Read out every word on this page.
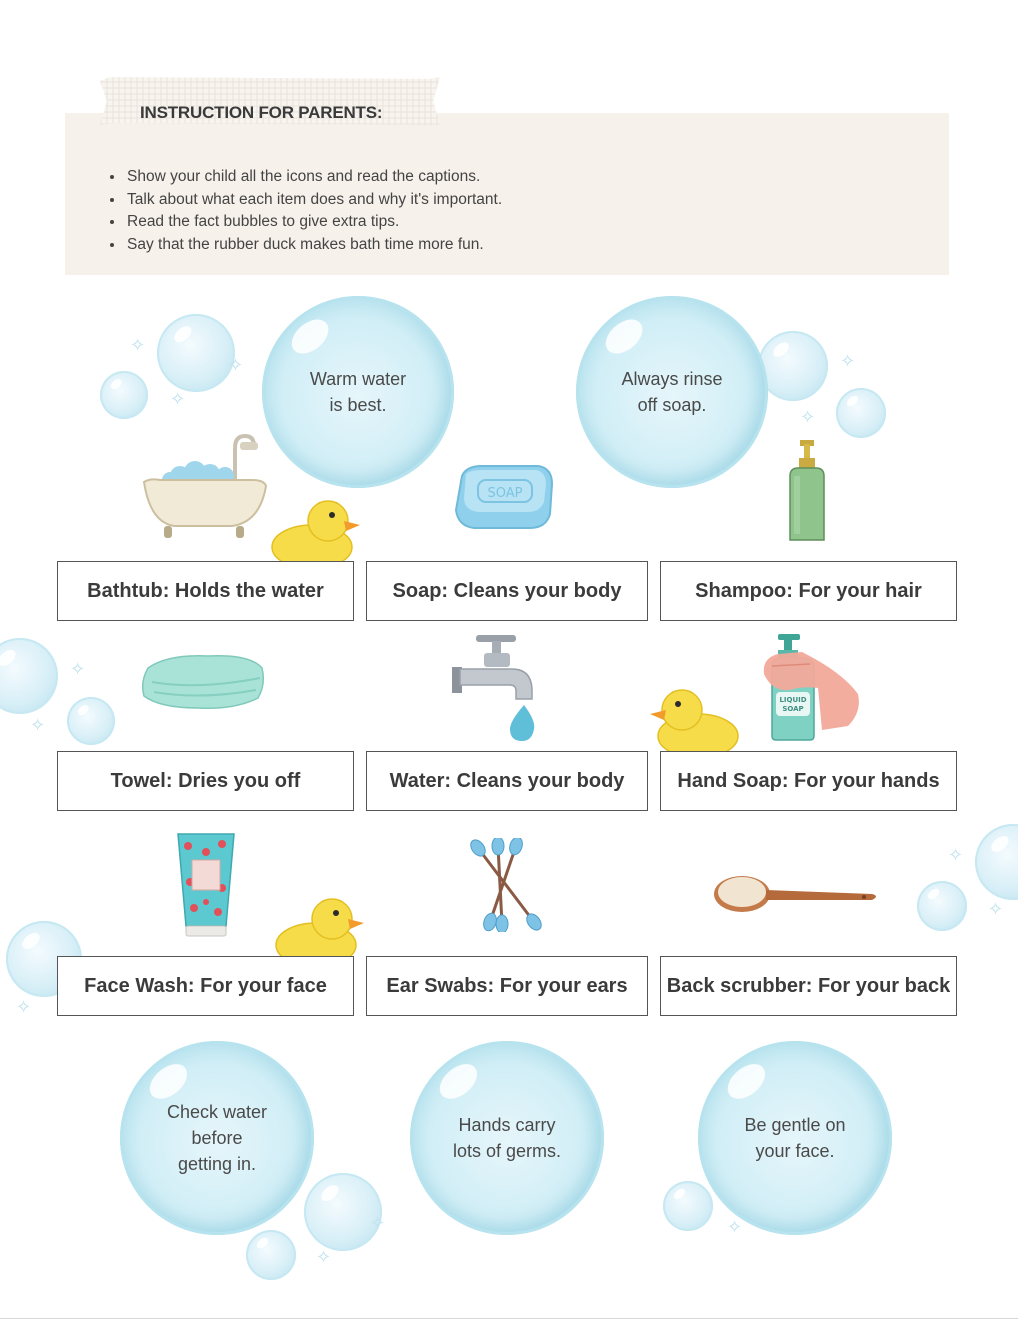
INSTRUCTION FOR PARENTS:
• Show your child all the icons and read the captions.
• Talk about what each item does and why it's important.
• Read the fact bubbles to give extra tips.
• Say that the rubber duck makes bath time more fun.
✧
✧
✧	✧
✧
✧
✧
✧
✧
✧
✧
✧	✧
Warm water
is best.
Always rinse
off soap.
SOAP
Bathtub: Holds the water	Soap: Cleans your body	Shampoo: For your hair
LIQUID
SOAP
Towel: Dries you off	Water: Cleans your body	Hand Soap: For your hands
Face Wash: For your face	Ear Swabs: For your ears	Back scrubber: For your back
Check water
before
getting in.
Hands carry
lots of germs.
Be gentle on
your face.
